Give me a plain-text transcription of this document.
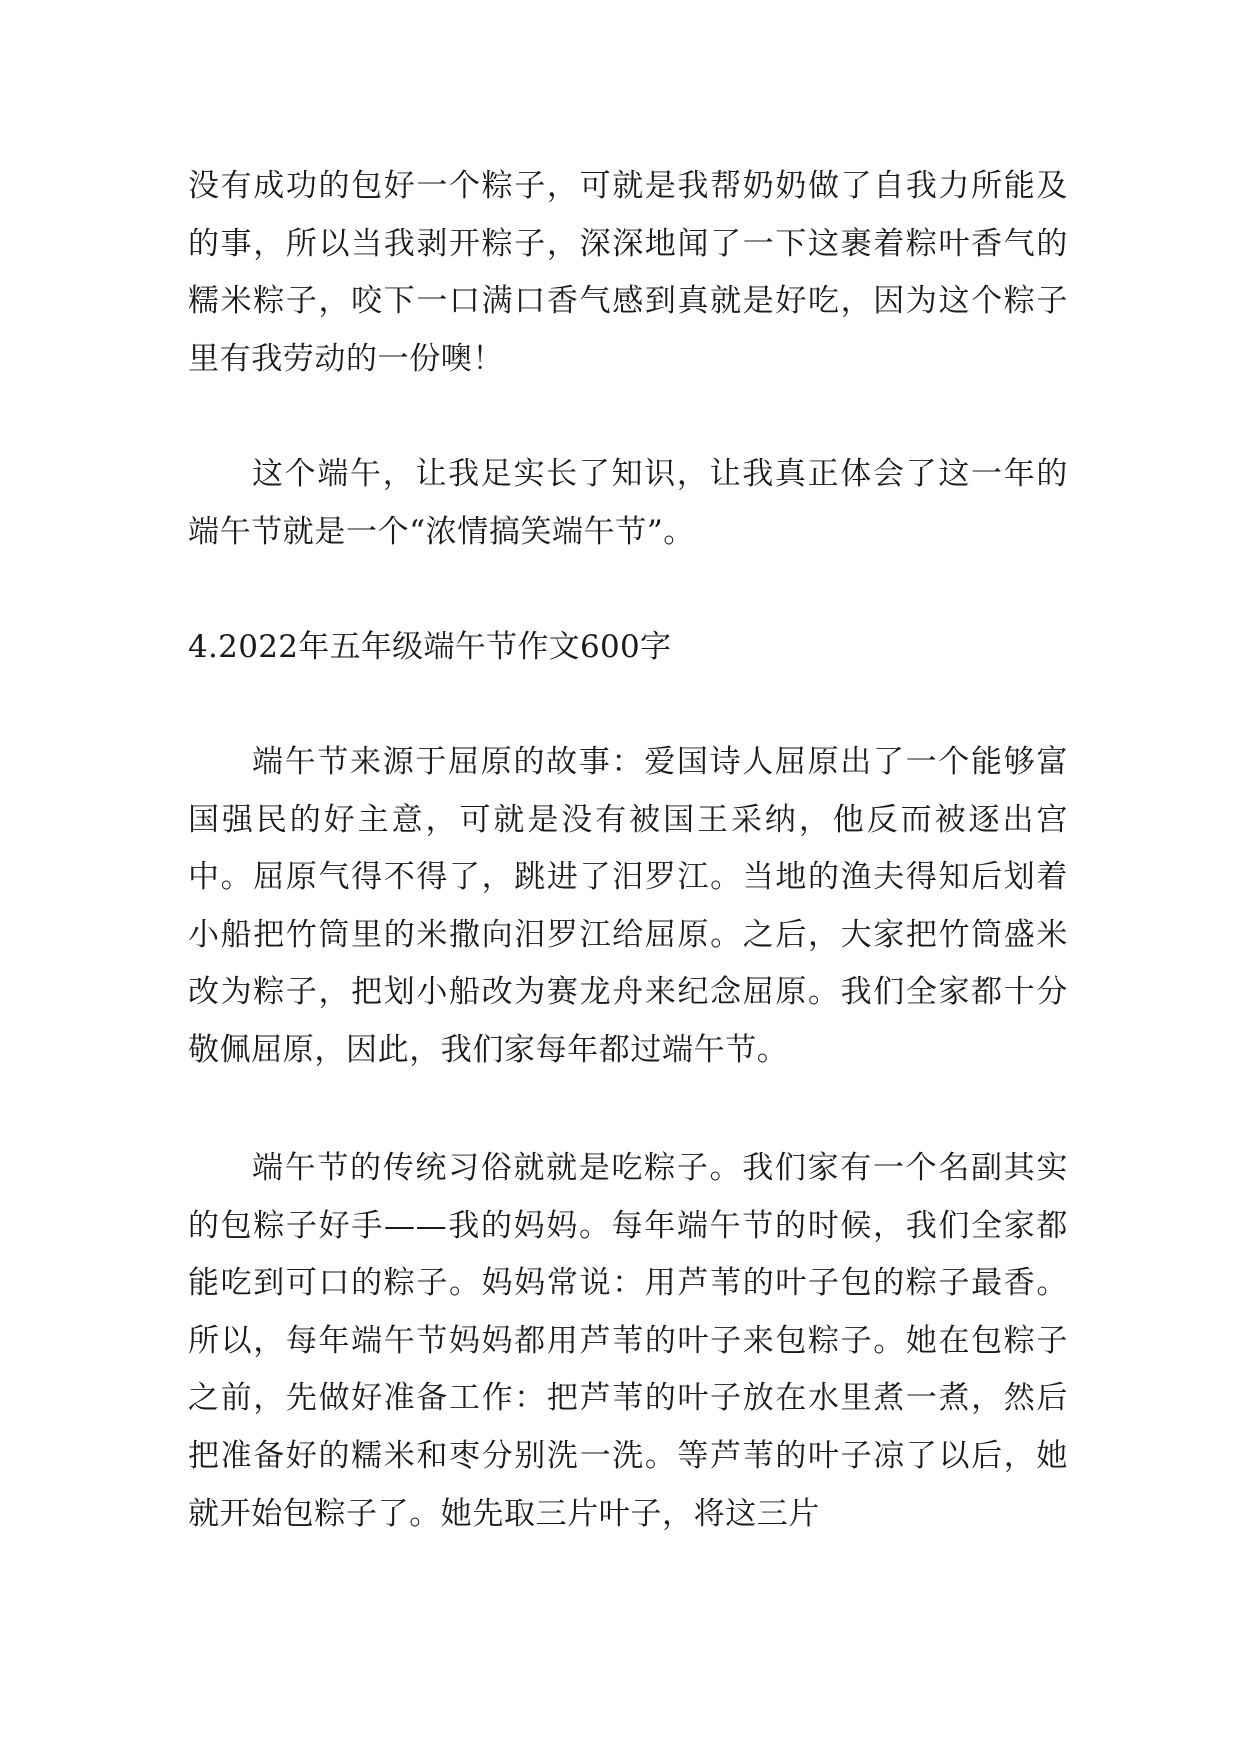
没有成功的包好一个粽子，可就是我帮奶奶做了自我力所能及的事，所以当我剥开粽子，深深地闻了一下这裹着粽叶香气的糯米粽子，咬下一口满口香气感到真就是好吃，因为这个粽子里有我劳动的一份噢！

这个端午，让我足实长了知识，让我真正体会了这一年的端午节就是一个“浓情搞笑端午节”。

4.2022年五年级端午节作文600字

端午节来源于屈原的故事：爱国诗人屈原出了一个能够富国强民的好主意，可就是没有被国王采纳，他反而被逐出宫中。屈原气得不得了，跳进了汨罗江。当地的渔夫得知后划着小船把竹筒里的米撒向汨罗江给屈原。之后，大家把竹筒盛米改为粽子，把划小船改为赛龙舟来纪念屈原。我们全家都十分敬佩屈原，因此，我们家每年都过端午节。

端午节的传统习俗就就是吃粽子。我们家有一个名副其实的包粽子好手——我的妈妈。每年端午节的时候，我们全家都能吃到可口的粽子。妈妈常说：用芦苇的叶子包的粽子最香。所以，每年端午节妈妈都用芦苇的叶子来包粽子。她在包粽子之前，先做好准备工作：把芦苇的叶子放在水里煮一煮，然后把准备好的糯米和枣分别洗一洗。等芦苇的叶子凉了以后，她就开始包粽子了。她先取三片叶子，将这三片
